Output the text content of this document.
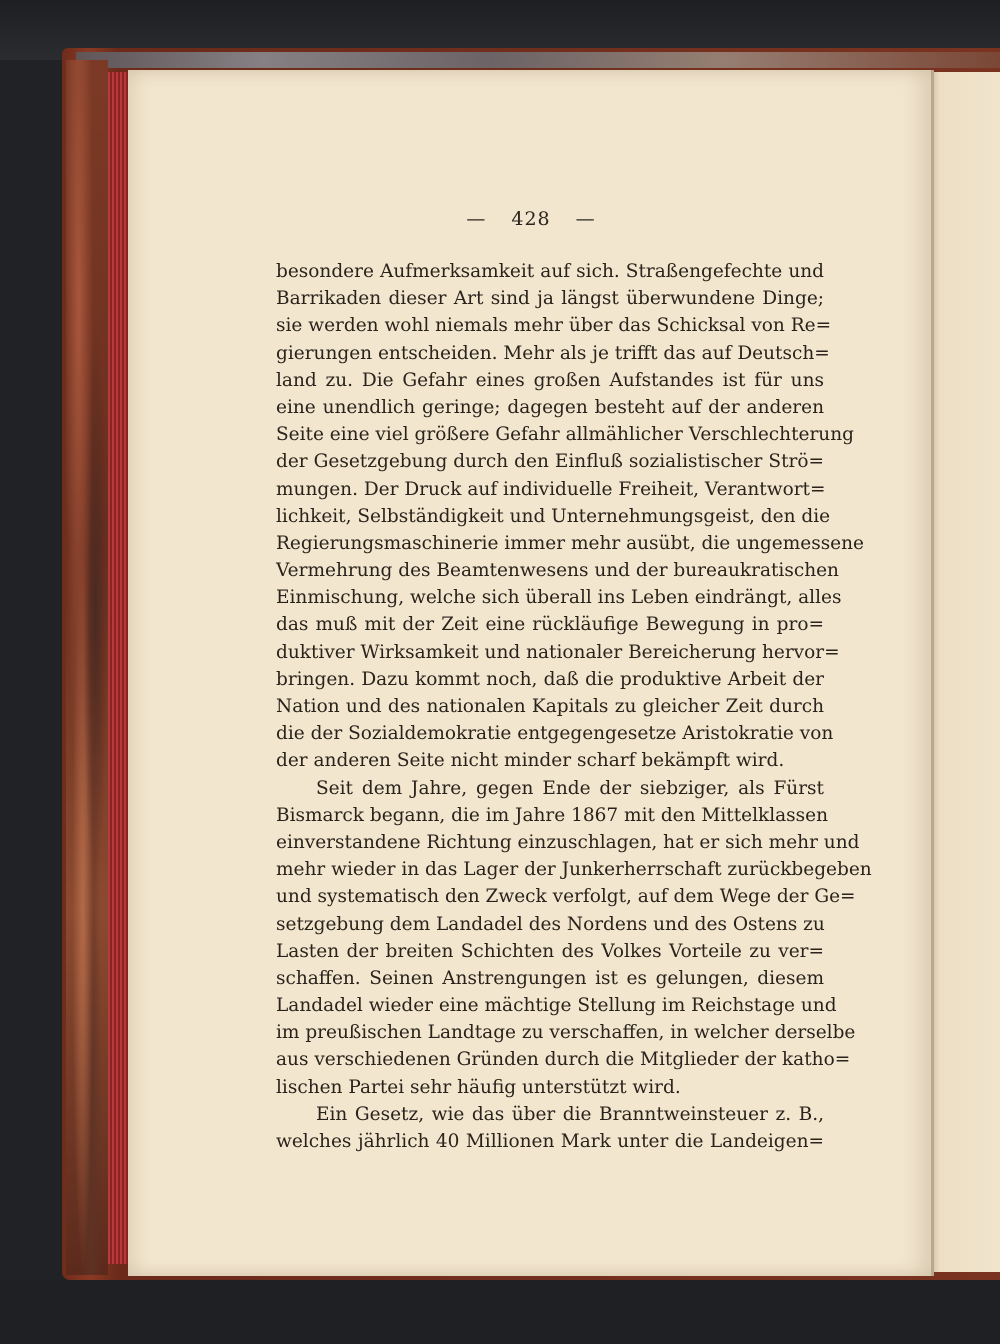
— 428 —
besondere Aufmerksamkeit auf sich. Straßengefechte und
Barrikaden dieser Art sind ja längst überwundene Dinge;
sie werden wohl niemals mehr über das Schicksal von Re=
gierungen entscheiden. Mehr als je trifft das auf Deutsch=
land zu. Die Gefahr eines großen Aufstandes ist für uns
eine unendlich geringe; dagegen besteht auf der anderen
Seite eine viel größere Gefahr allmählicher Verschlechterung
der Gesetzgebung durch den Einfluß sozialistischer Strö=
mungen. Der Druck auf individuelle Freiheit, Verantwort=
lichkeit, Selbständigkeit und Unternehmungsgeist, den die
Regierungsmaschinerie immer mehr ausübt, die ungemessene
Vermehrung des Beamtenwesens und der bureaukratischen
Einmischung, welche sich überall ins Leben eindrängt, alles
das muß mit der Zeit eine rückläufige Bewegung in pro=
duktiver Wirksamkeit und nationaler Bereicherung hervor=
bringen. Dazu kommt noch, daß die produktive Arbeit der
Nation und des nationalen Kapitals zu gleicher Zeit durch
die der Sozialdemokratie entgegengesetze Aristokratie von
der anderen Seite nicht minder scharf bekämpft wird.
Seit dem Jahre, gegen Ende der siebziger, als Fürst
Bismarck begann, die im Jahre 1867 mit den Mittelklassen
einverstandene Richtung einzuschlagen, hat er sich mehr und
mehr wieder in das Lager der Junkerherrschaft zurückbegeben
und systematisch den Zweck verfolgt, auf dem Wege der Ge=
setzgebung dem Landadel des Nordens und des Ostens zu
Lasten der breiten Schichten des Volkes Vorteile zu ver=
schaffen. Seinen Anstrengungen ist es gelungen, diesem
Landadel wieder eine mächtige Stellung im Reichstage und
im preußischen Landtage zu verschaffen, in welcher derselbe
aus verschiedenen Gründen durch die Mitglieder der katho=
lischen Partei sehr häufig unterstützt wird.
Ein Gesetz, wie das über die Branntweinsteuer z. B.,
welches jährlich 40 Millionen Mark unter die Landeigen=
